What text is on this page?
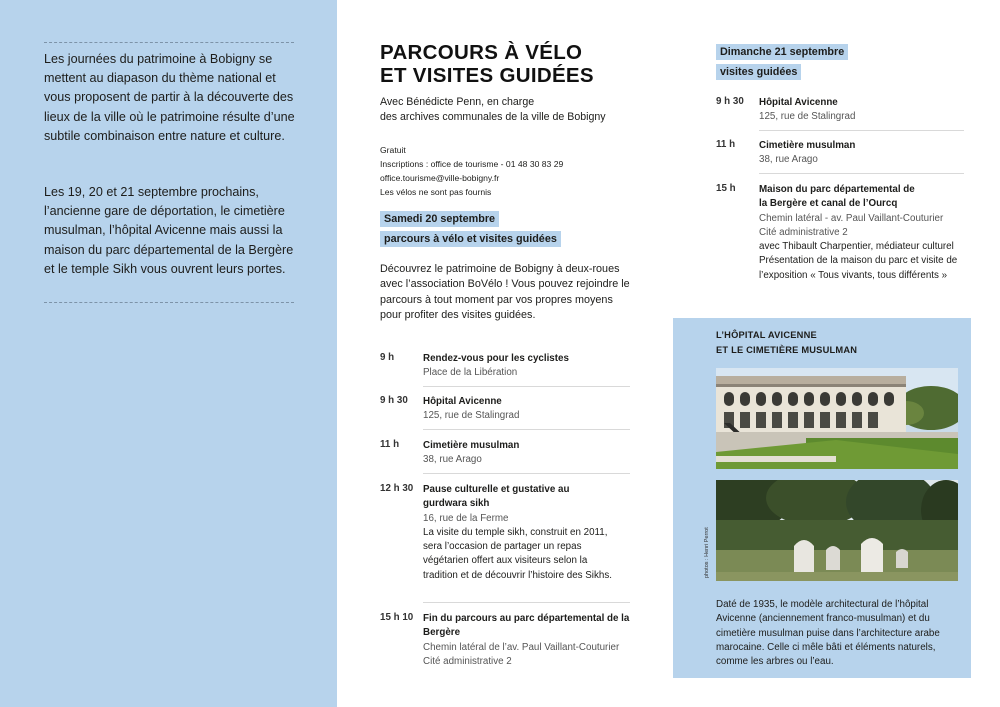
Les journées du patrimoine à Bobigny se mettent au diapason du thème national et vous proposent de partir à la découverte des lieux de la ville où le patrimoine résulte d’une subtile combinaison entre nature et culture.

Les 19, 20 et 21 septembre prochains, l’ancienne gare de déportation, le cimetière musulman, l’hôpital Avicenne mais aussi la maison du parc départemental de la Bergère et le temple Sikh vous ouvrent leurs portes.

PARCOURS À VÉLO
ET VISITES GUIDÉES
Avec Bénédicte Penn, en charge
des archives communales de la ville de Bobigny
Gratuit
Inscriptions : office de tourisme - 01 48 30 83 29
office.tourisme@ville-bobigny.fr
Les vélos ne sont pas fournis
Samedi 20 septembre
parcours à vélo et visites guidées
Découvrez le patrimoine de Bobigny à deux-roues avec l’association BoVélo ! Vous pouvez rejoindre le parcours à tout moment par vos propres moyens pour profiter des visites guidées.
9 h	Rendez-vous pour les cyclistes
Place de la Libération
9 h 30 Hôpital Avicenne
125, rue de Stalingrad
11 h Cimetière musulman
38, rue Arago
12 h 30 Pause culturelle et gustative au gurdwara sikh
16, rue de la Ferme
La visite du temple sikh, construit en 2011, sera l’occasion de partager un repas végétarien offert aux visiteurs selon la tradition et de découvrir l’histoire des Sikhs.
15 h 10 Fin du parcours au parc départemental de la Bergère
Chemin latéral de l’av. Paul Vaillant-Couturier
Cité administrative 2
Dimanche 21 septembre
visites guidées
9 h 30 Hôpital Avicenne
125, rue de Stalingrad
11 h Cimetière musulman
38, rue Arago
15 h Maison du parc départemental de la Bergère et canal de l’Ourcq
Chemin latéral - av. Paul Vaillant-Couturier
Cité administrative 2
avec Thibault Charpentier, médiateur culturel Présentation de la maison du parc et visite de l’exposition « Tous vivants, tous différents »
L’HÔPITAL AVICENNE
ET LE CIMETIÈRE MUSULMAN
photos : Henri Perrot
Daté de 1935, le modèle architectural de l’hôpital Avicenne (anciennement franco-musulman) et du cimetière musulman puise dans l’architecture arabe marocaine. Celle ci mêle bâti et éléments naturels, comme les arbres ou l’eau.
